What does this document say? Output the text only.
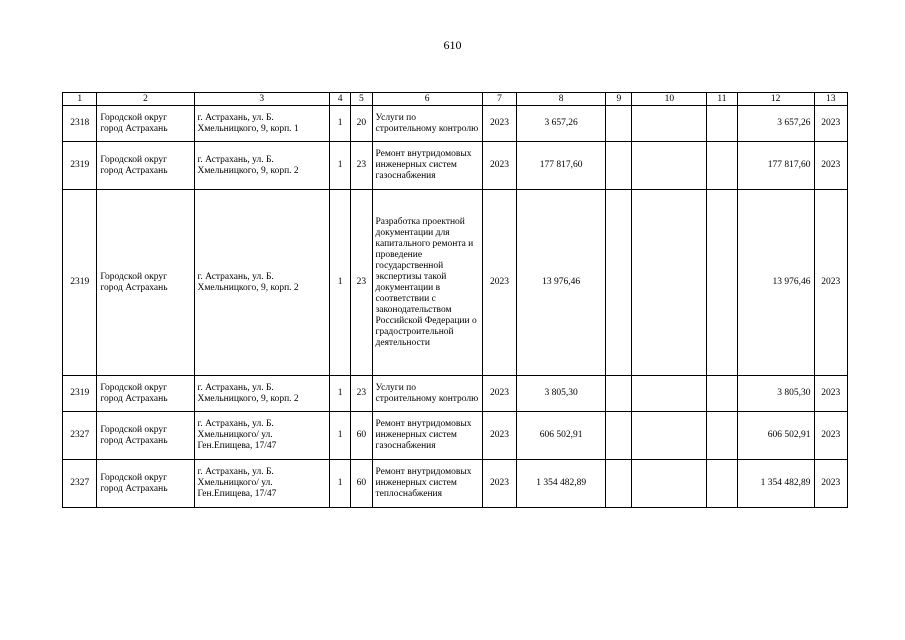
610
1	2	3	4	5	6	7	8	9	10	11	12	13
2318	Городской округ город Астрахань	г. Астрахань, ул. Б. Хмельницкого, 9, корп. 1	1	20	Услуги по строительному контролю	2023	3 657,26				3 657,26	2023
2319	Городской округ город Астрахань	г. Астрахань, ул. Б. Хмельницкого, 9, корп. 2	1	23	Ремонт внутридомовых инженерных систем газоснабжения	2023	177 817,60				177 817,60	2023
2319	Городской округ город Астрахань	г. Астрахань, ул. Б. Хмельницкого, 9, корп. 2	1	23	Разработка проектной документации для капитального ремонта и проведение государственной экспертизы такой документации в соответствии с законодательством Российской Федерации о градостроительной деятельности	2023	13 976,46				13 976,46	2023
2319	Городской округ город Астрахань	г. Астрахань, ул. Б. Хмельницкого, 9, корп. 2	1	23	Услуги по строительному контролю	2023	3 805,30				3 805,30	2023
2327	Городской округ город Астрахань	г. Астрахань, ул. Б. Хмельницкого/ ул. Ген.Епищева, 17/47	1	60	Ремонт внутридомовых инженерных систем газоснабжения	2023	606 502,91				606 502,91	2023
2327	Городской округ город Астрахань	г. Астрахань, ул. Б. Хмельницкого/ ул. Ген.Епищева, 17/47	1	60	Ремонт внутридомовых инженерных систем теплоснабжения	2023	1 354 482,89				1 354 482,89	2023
